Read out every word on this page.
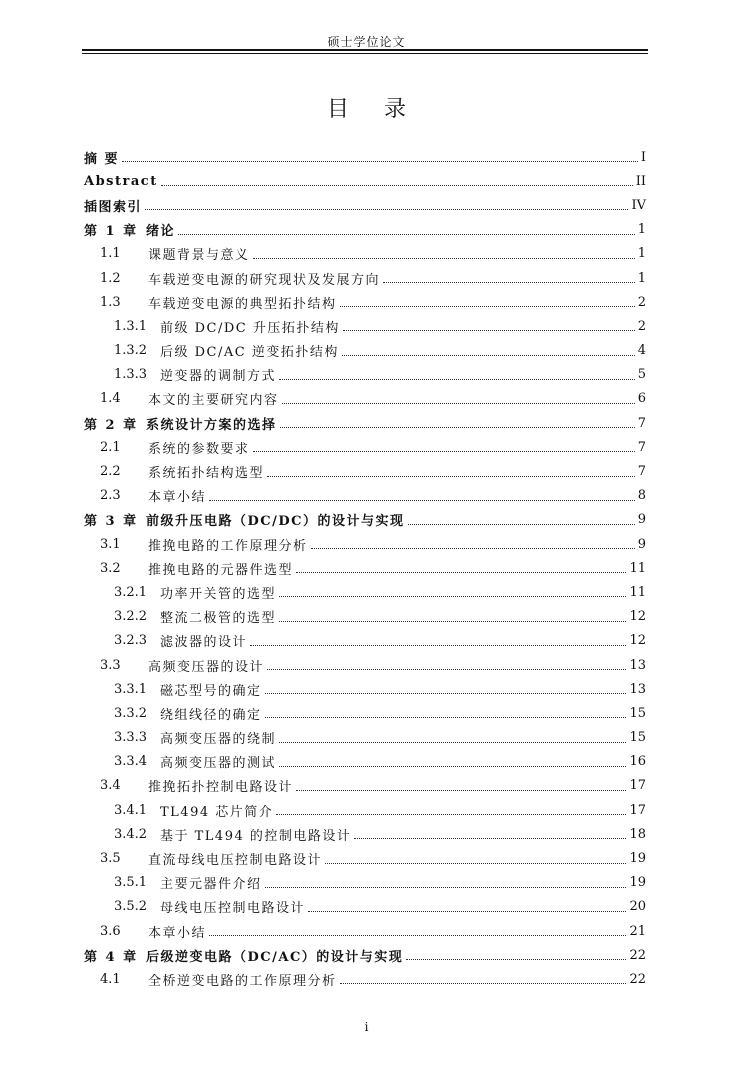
硕士学位论文
目 录
摘 要	I
Abstract	II
插图索引	IV
第 1 章 绪论	1
1.1	课题背景与意义	1
1.2	车载逆变电源的研究现状及发展方向	1
1.3	车载逆变电源的典型拓扑结构	2
1.3.1 前级 DC/DC 升压拓扑结构	2
1.3.2 后级 DC/AC 逆变拓扑结构	4
1.3.3 逆变器的调制方式	5
1.4	本文的主要研究内容	6
第 2 章 系统设计方案的选择	7
2.1	系统的参数要求	7
2.2	系统拓扑结构选型	7
2.3	本章小结	8
第 3 章 前级升压电路（DC/DC）的设计与实现	9
3.1	推挽电路的工作原理分析	9
3.2	推挽电路的元器件选型	11
3.2.1 功率开关管的选型	11
3.2.2 整流二极管的选型	12
3.2.3 滤波器的设计	12
3.3	高频变压器的设计	13
3.3.1 磁芯型号的确定	13
3.3.2 绕组线径的确定	15
3.3.3 高频变压器的绕制	15
3.3.4 高频变压器的测试	16
3.4	推挽拓扑控制电路设计	17
3.4.1 TL494 芯片简介	17
3.4.2 基于 TL494 的控制电路设计	18
3.5	直流母线电压控制电路设计	19
3.5.1 主要元器件介绍	19
3.5.2 母线电压控制电路设计	20
3.6	本章小结	21
第 4 章 后级逆变电路（DC/AC）的设计与实现	22
4.1	全桥逆变电路的工作原理分析	22
i
